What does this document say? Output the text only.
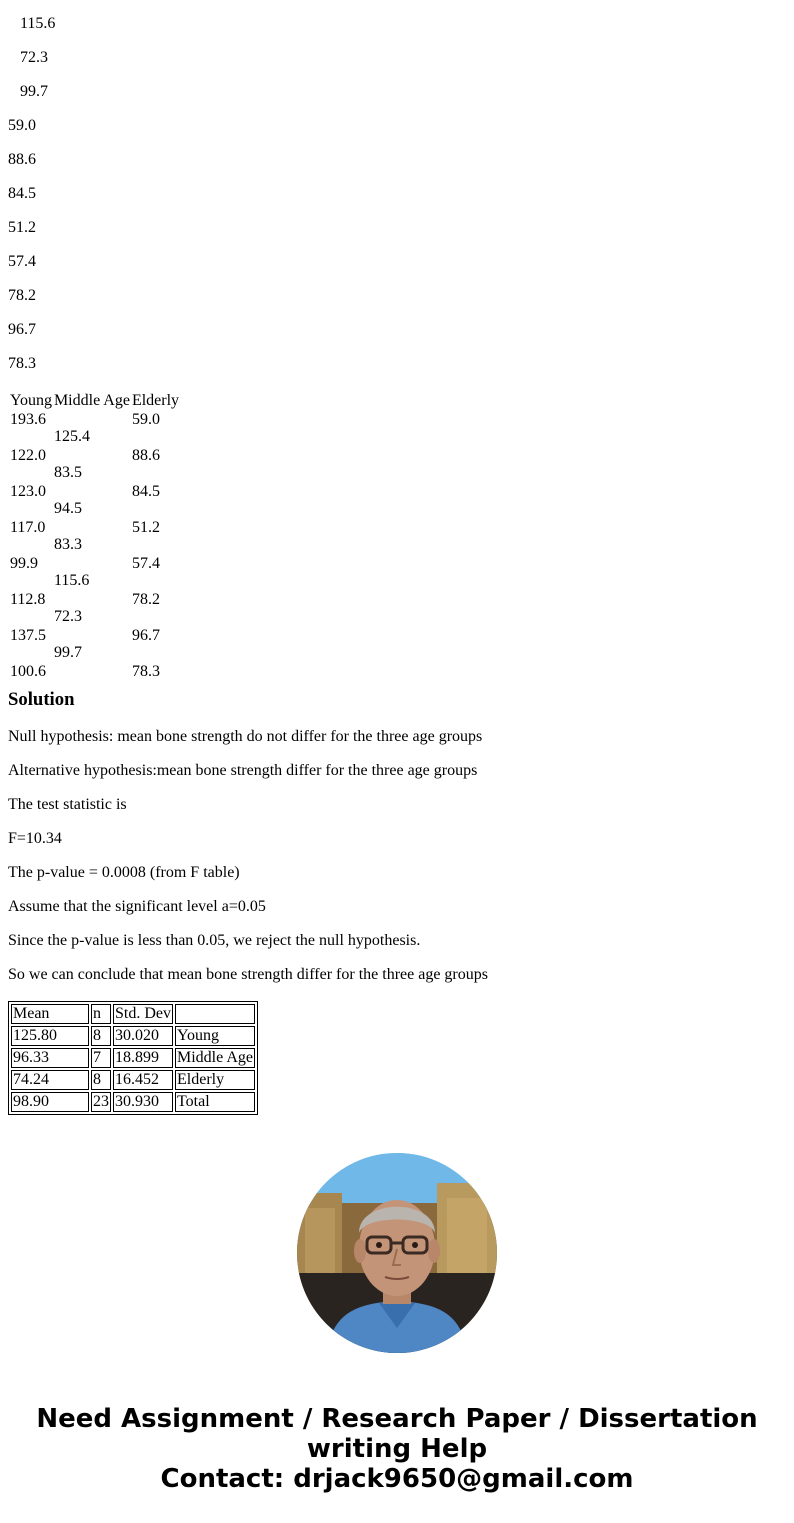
115.6

72.3

99.7

59.0

88.6

84.5

51.2

57.4

78.2

96.7

78.3

Young	Middle Age	Elderly
193.6	125.4	59.0
122.0	83.5	88.6
123.0	94.5	84.5
117.0	83.3	51.2
99.9	115.6	57.4
112.8	72.3	78.2
137.5	99.7	96.7
100.6		78.3
Solution

Null hypothesis: mean bone strength do not differ for the three age groups

Alternative hypothesis:mean bone strength differ for the three age groups

The test statistic is

F=10.34

The p-value = 0.0008 (from F table)

Assume that the significant level a=0.05

Since the p-value is less than 0.05, we reject the null hypothesis.

So we can conclude that mean bone strength differ for the three age groups

Mean	n	Std. Dev	
125.80	8	30.020	Young
96.33	7	18.899	Middle Age
74.24	8	16.452	Elderly
98.90	23	30.930	Total
Need Assignment / Research Paper / Dissertation
writing Help
Contact: drjack9650@gmail.com
